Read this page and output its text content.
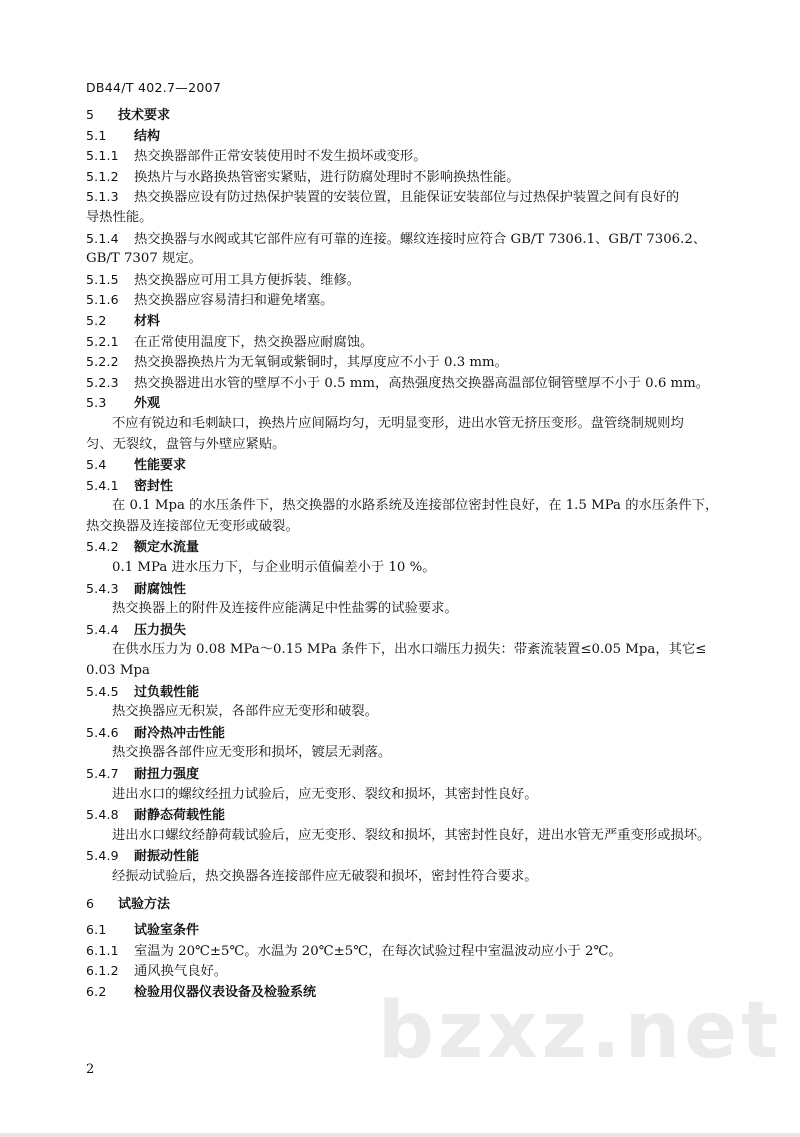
DB44/T 402.7—2007
5 技术要求
5.1 结构
5.1.1 热交换器部件正常安装使用时不发生损坏或变形。
5.1.2 换热片与水路换热管密实紧贴，进行防腐处理时不影响换热性能。
5.1.3 热交换器应设有防过热保护装置的安装位置，且能保证安装部位与过热保护装置之间有良好的
导热性能。
5.1.4 热交换器与水阀或其它部件应有可靠的连接。螺纹连接时应符合 GB/T 7306.1、GB/T 7306.2、
GB/T 7307 规定。
5.1.5 热交换器应可用工具方便拆装、维修。
5.1.6 热交换器应容易清扫和避免堵塞。
5.2 材料
5.2.1 在正常使用温度下，热交换器应耐腐蚀。
5.2.2 热交换器换热片为无氧铜或紫铜时，其厚度应不小于 0.3 mm。
5.2.3 热交换器进出水管的壁厚不小于 0.5 mm，高热强度热交换器高温部位铜管壁厚不小于 0.6 mm。
5.3 外观
不应有锐边和毛刺缺口，换热片应间隔均匀，无明显变形，进出水管无挤压变形。盘管绕制规则均
匀、无裂纹，盘管与外壁应紧贴。
5.4 性能要求
5.4.1 密封性
在 0.1 Mpa 的水压条件下，热交换器的水路系统及连接部位密封性良好，在 1.5 MPa 的水压条件下，
热交换器及连接部位无变形或破裂。
5.4.2 额定水流量
0.1 MPa 进水压力下，与企业明示值偏差小于 10 %。
5.4.3 耐腐蚀性
热交换器上的附件及连接件应能满足中性盐雾的试验要求。
5.4.4 压力损失
在供水压力为 0.08 MPa～0.15 MPa 条件下，出水口端压力损失：带紊流装置≤0.05 Mpa，其它≤
0.03 Mpa
5.4.5 过负载性能
热交换器应无积炭，各部件应无变形和破裂。
5.4.6 耐冷热冲击性能
热交换器各部件应无变形和损坏，镀层无剥落。
5.4.7 耐扭力强度
进出水口的螺纹经扭力试验后，应无变形、裂纹和损坏，其密封性良好。
5.4.8 耐静态荷载性能
进出水口螺纹经静荷载试验后，应无变形、裂纹和损坏，其密封性良好，进出水管无严重变形或损坏。
5.4.9 耐振动性能
经振动试验后，热交换器各连接部件应无破裂和损坏，密封性符合要求。
6 试验方法
6.1 试验室条件
6.1.1 室温为 20℃±5℃。水温为 20℃±5℃，在每次试验过程中室温波动应小于 2℃。
6.1.2 通风换气良好。
6.2 检验用仪器仪表设备及检验系统 bzxz.net
2
